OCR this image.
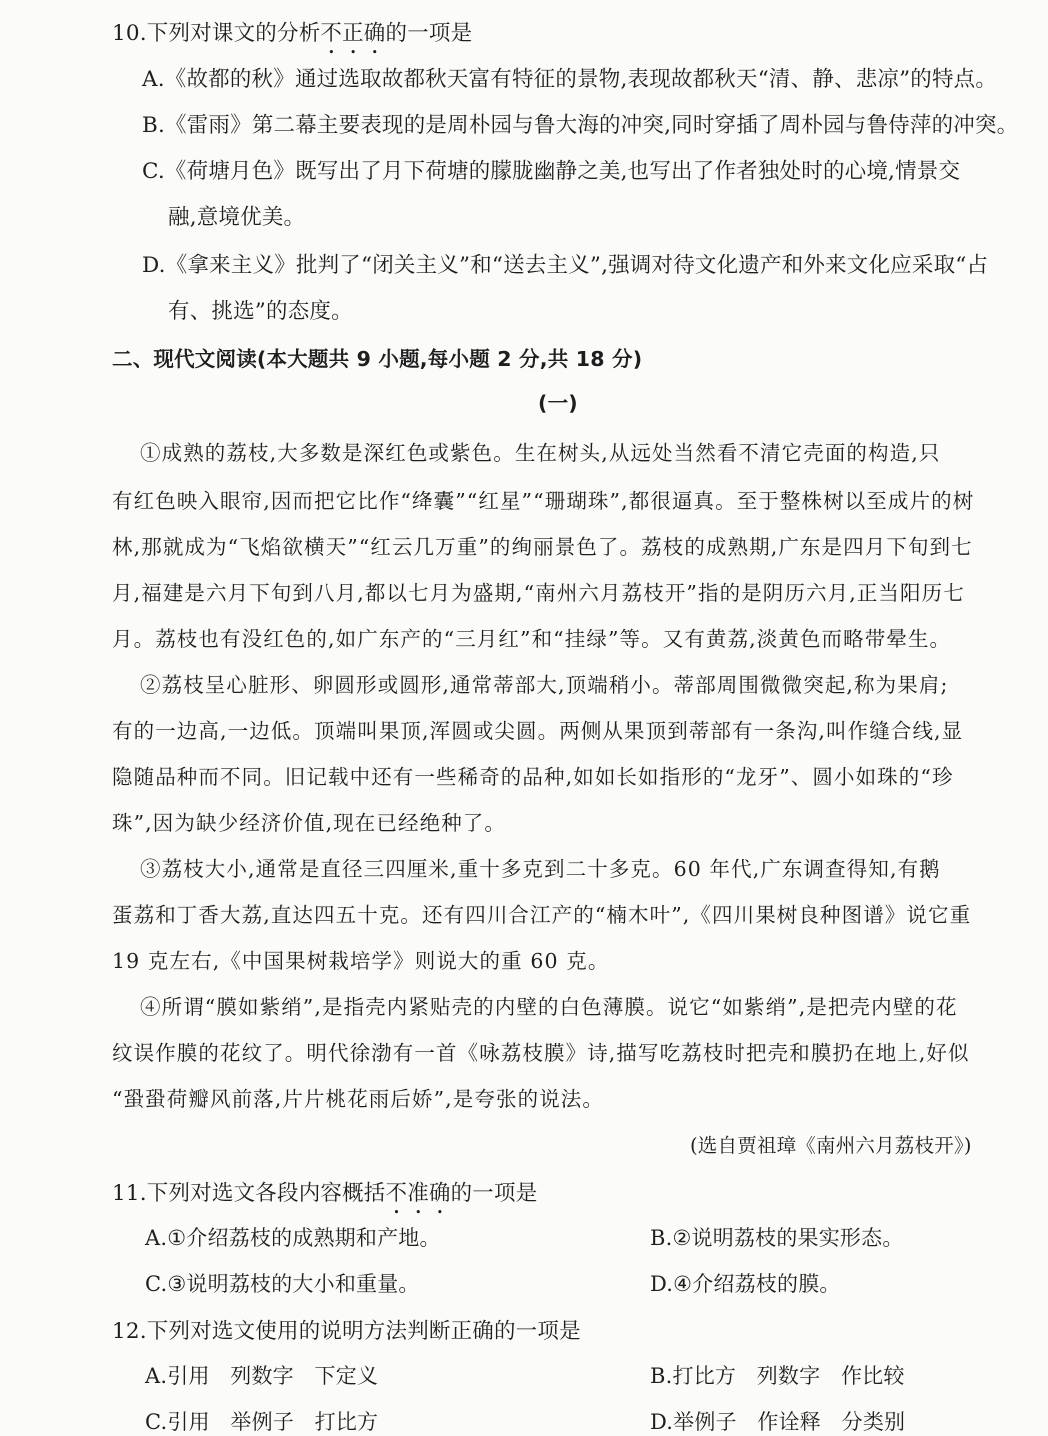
10.下列对课文的分析不正确的一项是
A.《故都的秋》通过选取故都秋天富有特征的景物,表现故都秋天“清、静、悲凉”的特点。
B.《雷雨》第二幕主要表现的是周朴园与鲁大海的冲突,同时穿插了周朴园与鲁侍萍的冲突。
C.《荷塘月色》既写出了月下荷塘的朦胧幽静之美,也写出了作者独处时的心境,情景交
融,意境优美。
D.《拿来主义》批判了“闭关主义”和“送去主义”,强调对待文化遗产和外来文化应采取“占
有、挑选”的态度。
二、现代文阅读(本大题共 9 小题,每小题 2 分,共 18 分)
(一)
①成熟的荔枝,大多数是深红色或紫色。生在树头,从远处当然看不清它壳面的构造,只
有红色映入眼帘,因而把它比作“绛囊”“红星”“珊瑚珠”,都很逼真。至于整株树以至成片的树
林,那就成为“飞焰欲横天”“红云几万重”的绚丽景色了。荔枝的成熟期,广东是四月下旬到七
月,福建是六月下旬到八月,都以七月为盛期,“南州六月荔枝开”指的是阴历六月,正当阳历七
月。荔枝也有没红色的,如广东产的“三月红”和“挂绿”等。又有黄荔,淡黄色而略带晕生。
②荔枝呈心脏形、卵圆形或圆形,通常蒂部大,顶端稍小。蒂部周围微微突起,称为果肩;
有的一边高,一边低。顶端叫果顶,浑圆或尖圆。两侧从果顶到蒂部有一条沟,叫作缝合线,显
隐随品种而不同。旧记载中还有一些稀奇的品种,如如长如指形的“龙牙”、圆小如珠的“珍
珠”,因为缺少经济价值,现在已经绝种了。
③荔枝大小,通常是直径三四厘米,重十多克到二十多克。60 年代,广东调查得知,有鹅
蛋荔和丁香大荔,直达四五十克。还有四川合江产的“楠木叶”,《四川果树良种图谱》说它重
19 克左右,《中国果树栽培学》则说大的重 60 克。
④所谓“膜如紫绡”,是指壳内紧贴壳的内壁的白色薄膜。说它“如紫绡”,是把壳内壁的花
纹误作膜的花纹了。明代徐渤有一首《咏荔枝膜》诗,描写吃荔枝时把壳和膜扔在地上,好似
“蛩蛩荷瓣风前落,片片桃花雨后娇”,是夸张的说法。
(选自贾祖璋《南州六月荔枝开》)
11.下列对选文各段内容概括不准确的一项是
A.①介绍荔枝的成熟期和产地。	B.②说明荔枝的果实形态。
C.③说明荔枝的大小和重量。	D.④介绍荔枝的膜。
12.下列对选文使用的说明方法判断正确的一项是
A.引用   列数字   下定义	B.打比方   列数字   作比较
C.引用   举例子   打比方	D.举例子   作诠释   分类别
